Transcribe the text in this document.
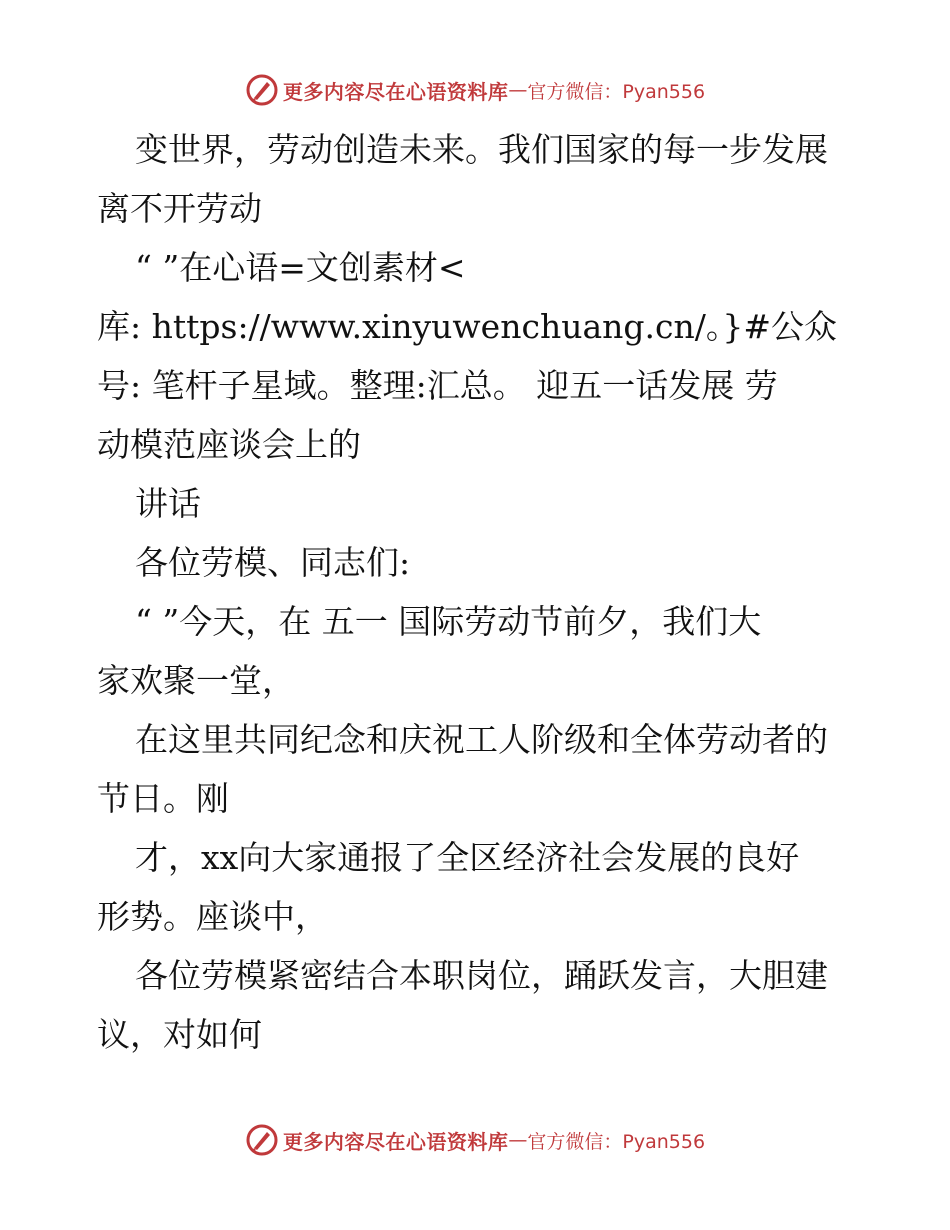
更多内容尽在心语资料库 — 官方微信：Pyan556
变世界，劳动创造未来。我们国家的每一步发展
离不开劳动
“ ”在心语=文创素材<
库: https://www.xinyuwenchuang.cn/。}#公众
号: 笔杆子星域。整理:汇总。 迎五一话发展 劳
动模范座谈会上的
讲话
各位劳模、同志们:
“ ”今天，在 五一 国际劳动节前夕，我们大
家欢聚一堂，
在这里共同纪念和庆祝工人阶级和全体劳动者的
节日。刚
才，xx向大家通报了全区经济社会发展的良好
形势。座谈中，
各位劳模紧密结合本职岗位，踊跃发言，大胆建
议，对如何
更多内容尽在心语资料库 — 官方微信：Pyan556
